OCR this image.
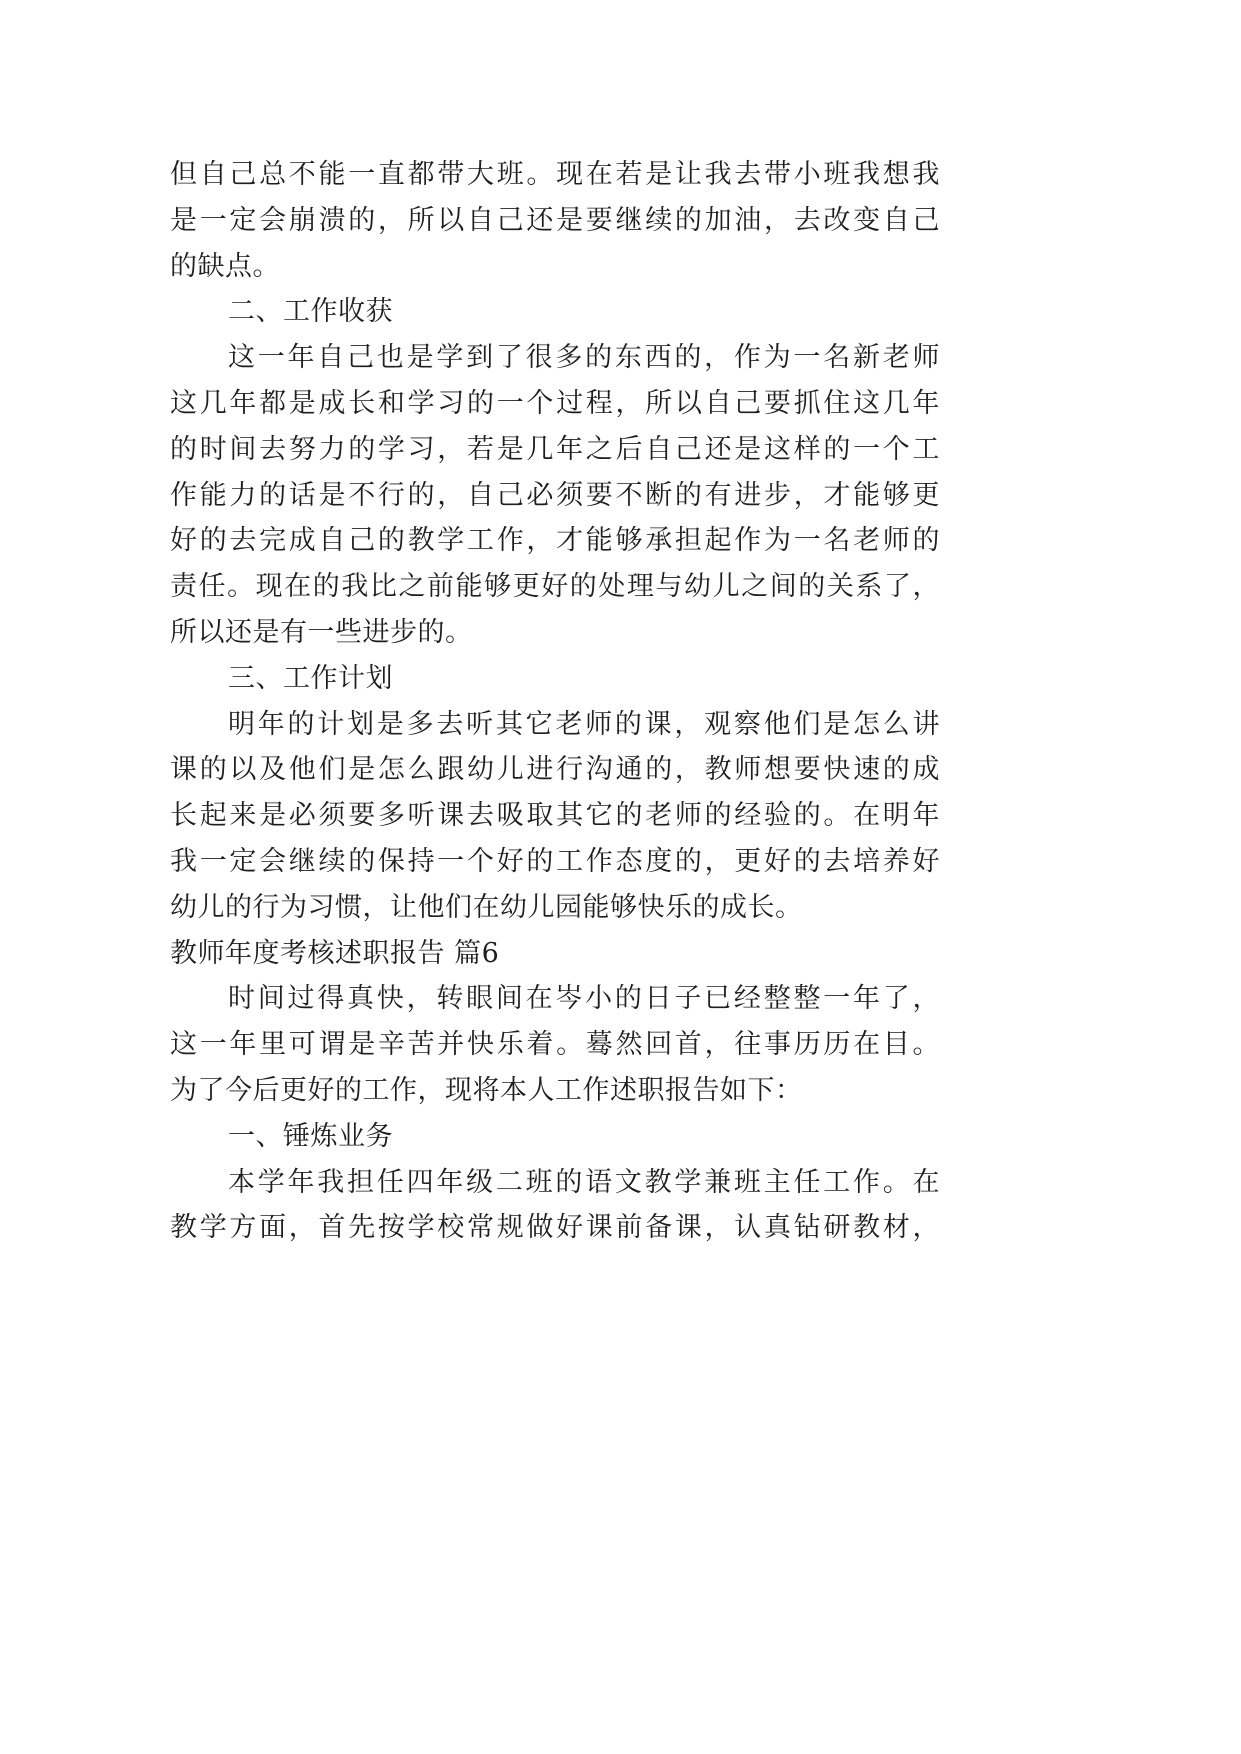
但自己总不能一直都带大班。现在若是让我去带小班我想我
是一定会崩溃的，所以自己还是要继续的加油，去改变自己
的缺点。
二、工作收获
这一年自己也是学到了很多的东西的，作为一名新老师
这几年都是成长和学习的一个过程，所以自己要抓住这几年
的时间去努力的学习，若是几年之后自己还是这样的一个工
作能力的话是不行的，自己必须要不断的有进步，才能够更
好的去完成自己的教学工作，才能够承担起作为一名老师的
责任。现在的我比之前能够更好的处理与幼儿之间的关系了，
所以还是有一些进步的。
三、工作计划
明年的计划是多去听其它老师的课，观察他们是怎么讲
课的以及他们是怎么跟幼儿进行沟通的，教师想要快速的成
长起来是必须要多听课去吸取其它的老师的经验的。在明年
我一定会继续的保持一个好的工作态度的，更好的去培养好
幼儿的行为习惯，让他们在幼儿园能够快乐的成长。
教师年度考核述职报告 篇6
时间过得真快，转眼间在岑小的日子已经整整一年了，
这一年里可谓是辛苦并快乐着。蓦然回首，往事历历在目。
为了今后更好的工作，现将本人工作述职报告如下：
一、锤炼业务
本学年我担任四年级二班的语文教学兼班主任工作。在
教学方面，首先按学校常规做好课前备课，认真钻研教材，
